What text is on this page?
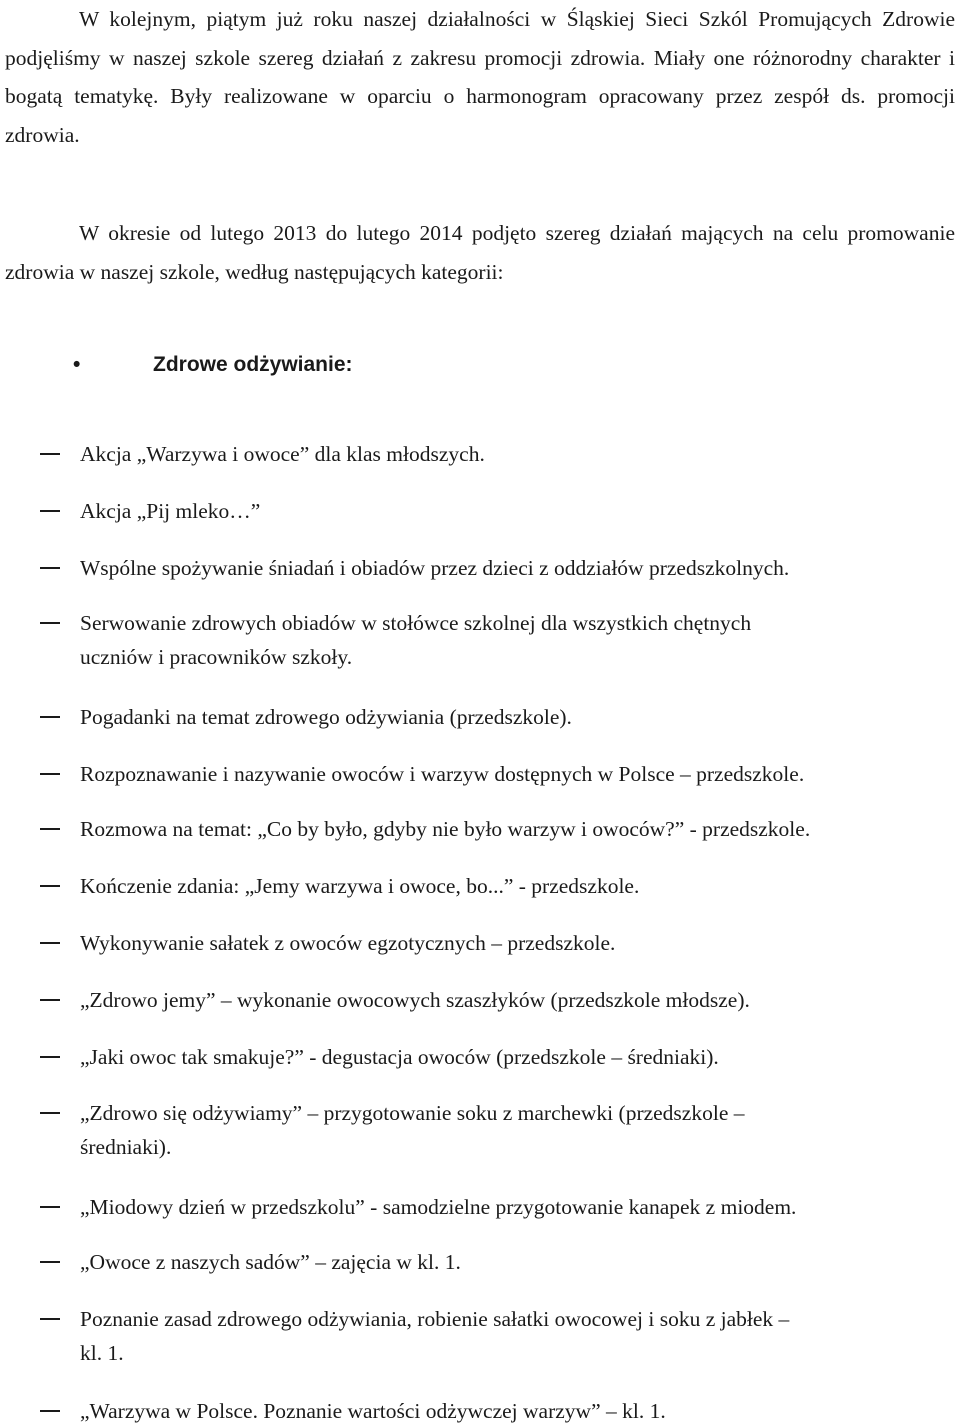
W kolejnym, piątym już roku naszej działalności w Śląskiej Sieci Szkól Promujących Zdrowie podjęliśmy w naszej szkole szereg działań z zakresu promocji zdrowia. Miały one różnorodny charakter i bogatą tematykę. Były realizowane w oparciu o harmonogram opracowany przez zespół ds. promocji zdrowia.

W okresie od lutego 2013 do lutego 2014 podjęto szereg działań mających na celu promowanie zdrowia w naszej szkole, według następujących kategorii:

•	Zdrowe odżywianie:
Akcja „Warzywa i owoce” dla klas młodszych.
Akcja „Pij mleko…”
Wspólne spożywanie śniadań i obiadów przez dzieci z oddziałów przedszkolnych.
Serwowanie zdrowych obiadów w stołówce szkolnej dla wszystkich chętnych
uczniów i pracowników szkoły.
Pogadanki na temat zdrowego odżywiania (przedszkole).
Rozpoznawanie i nazywanie owoców i warzyw dostępnych w Polsce – przedszkole.
Rozmowa na temat: „Co by było, gdyby nie było warzyw i owoców?” - przedszkole.
Kończenie zdania: „Jemy warzywa i owoce, bo...” - przedszkole.
Wykonywanie sałatek z owoców egzotycznych – przedszkole.
„Zdrowo jemy” – wykonanie owocowych szaszłyków (przedszkole młodsze).
„Jaki owoc tak smakuje?” - degustacja owoców (przedszkole – średniaki).
„Zdrowo się odżywiamy” – przygotowanie soku z marchewki (przedszkole –
średniaki).
„Miodowy dzień w przedszkolu” - samodzielne przygotowanie kanapek z miodem.
„Owoce z naszych sadów” – zajęcia w kl. 1.
Poznanie zasad zdrowego odżywiania, robienie sałatki owocowej i soku z jabłek –
kl. 1.
„Warzywa w Polsce. Poznanie wartości odżywczej warzyw” – kl. 1.
